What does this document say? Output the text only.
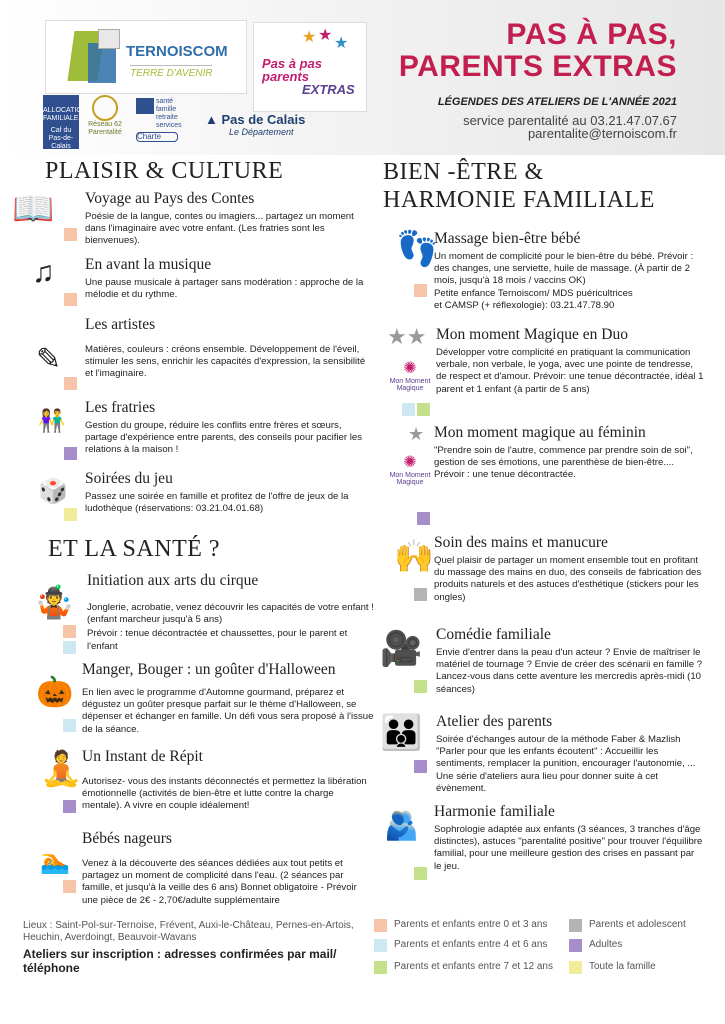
TERNOISCOM
TERRE D'AVENIR
★ ★ ★
Pas à pas
parents
EXTRAS
ALLOCATIONS FAMILIALES
Caf du Pas-de-Calais
Réseau 62 Parentalité
santé famille retraite services
Charte
▲ Pas de Calais
Le Département
PAS À PAS,
PARENTS EXTRAS
LÉGENDES DES ATELIERS DE L'ANNÉE 2021
service parentalité au 03.21.47.07.67
parentalite@ternoiscom.fr
PLAISIR & CULTURE	BIEN -ÊTRE &
HARMONIE FAMILIALE
ET LA SANTÉ ?
📖 Voyage au Pays des Contes

Poésie de la langue, contes ou imagiers... partagez un moment dans l'imaginaire avec votre enfant. (Les fratries sont les bienvenues).

♫ En avant la musique

Une pause musicale à partager sans modération : approche de la mélodie et du rythme.

✎
Les artistes

Matières, couleurs : créons ensemble. Développement de l'éveil, stimuler les sens, enrichir les capacités d'expression, la sensibilité et l'imaginaire.

👫
Les fratries

Gestion du groupe, réduire les conflits entre frères et sœurs, partage d'expérience entre parents, des conseils pour pacifier les relations à la maison !

🎲 Soirées du jeu

Passez une soirée en famille et profitez de l'offre de jeux de la ludothèque (réservations: 03.21.04.01.68)

🤹
Initiation aux arts du cirque

Jonglerie, acrobatie, venez découvrir les capacités de votre enfant ! (enfant marcheur jusqu'à 5 ans)

Prévoir : tenue décontractée et chaussettes, pour le parent et l'enfant

🎃
Manger, Bouger : un goûter d'Halloween

En lien avec le programme d'Automne gourmand, préparez et dégustez un goûter presque parfait sur le thème d'Halloween, se dépenser et échanger en famille. Un défi vous sera proposé à l'issue de la séance.

🧘 Un Instant de Répit

Autorisez- vous des instants déconnectés et permettez la libération émotionnelle (activités de bien-être et lutte contre la charge mentale). A vivre en couple idéalement!

🏊
Bébés nageurs

Venez à la découverte des séances dédiées aux tout petits et partagez un moment de complicité dans l'eau. (2 séances par famille, et jusqu'à la veille des 6 ans) Bonnet obligatoire - Prévoir une pièce de 2€ - 2,70€/adulte supplémentaire

👣
Massage bien-être bébé

Un moment de complicité pour le bien-être du bébé. Prévoir : des changes, une serviette, huile de massage. (À partir de 2 mois, jusqu'à 18 mois / vaccins OK)

Petite enfance Ternoiscom/ MDS puéricultrices

et CAMSP (+ réflexologie): 03.21.47.78.90

★★
✺
Mon Moment Magique
Mon moment Magique en Duo

Développer votre complicité en pratiquant la communication verbale, non verbale, le yoga, avec une pointe de tendresse, de respect et d'amour. Prévoir: une tenue décontractée, idéal 1 parent et 1 enfant (à partir de 5 ans)

★
✺
Mon Moment Magique
Mon moment magique au féminin

"Prendre soin de l'autre, commence par prendre soin de soi", gestion de ses émotions, une parenthèse de bien-être.... Prévoir : une tenue décontractée.

🙌 Soin des mains et manucure

Quel plaisir de partager un moment ensemble tout en profitant du massage des mains en duo, des conseils de fabrication des produits naturels et des astuces d'esthétique (stickers pour les ongles)

🎥 Comédie familiale

Envie d'entrer dans la peau d'un acteur ? Envie de maîtriser le matériel de tournage ? Envie de créer des scénarii en famille ? Lancez-vous dans cette aventure les mercredis après-midi (10 séances)

👪 Atelier des parents

Soirée d'échanges autour de la méthode Faber & Mazlish "Parler pour que les enfants écoutent" : Accueillir les sentiments, remplacer la punition, encourager l'autonomie, ... Une série d'ateliers aura lieu pour donner suite à cet évènement.

🫂 Harmonie familiale

Sophrologie adaptée aux enfants (3 séances, 3 tranches d'âge distinctes), astuces "parentalité positive" pour trouver l'équilibre familial, pour une meilleure gestion des crises en passant par le jeu.

Lieux : Saint-Pol-sur-Ternoise, Frévent, Auxi-le-Château, Pernes-en-Artois, Heuchin, Averdoingt, Beauvoir-Wavans
Ateliers sur inscription : adresses confirmées par mail/ téléphone
Parents et enfants entre 0 et 3 ans	Parents et adolescent
Parents et enfants entre 4 et 6 ans	Adultes
Parents et enfants entre 7 et 12 ans	Toute la famille
